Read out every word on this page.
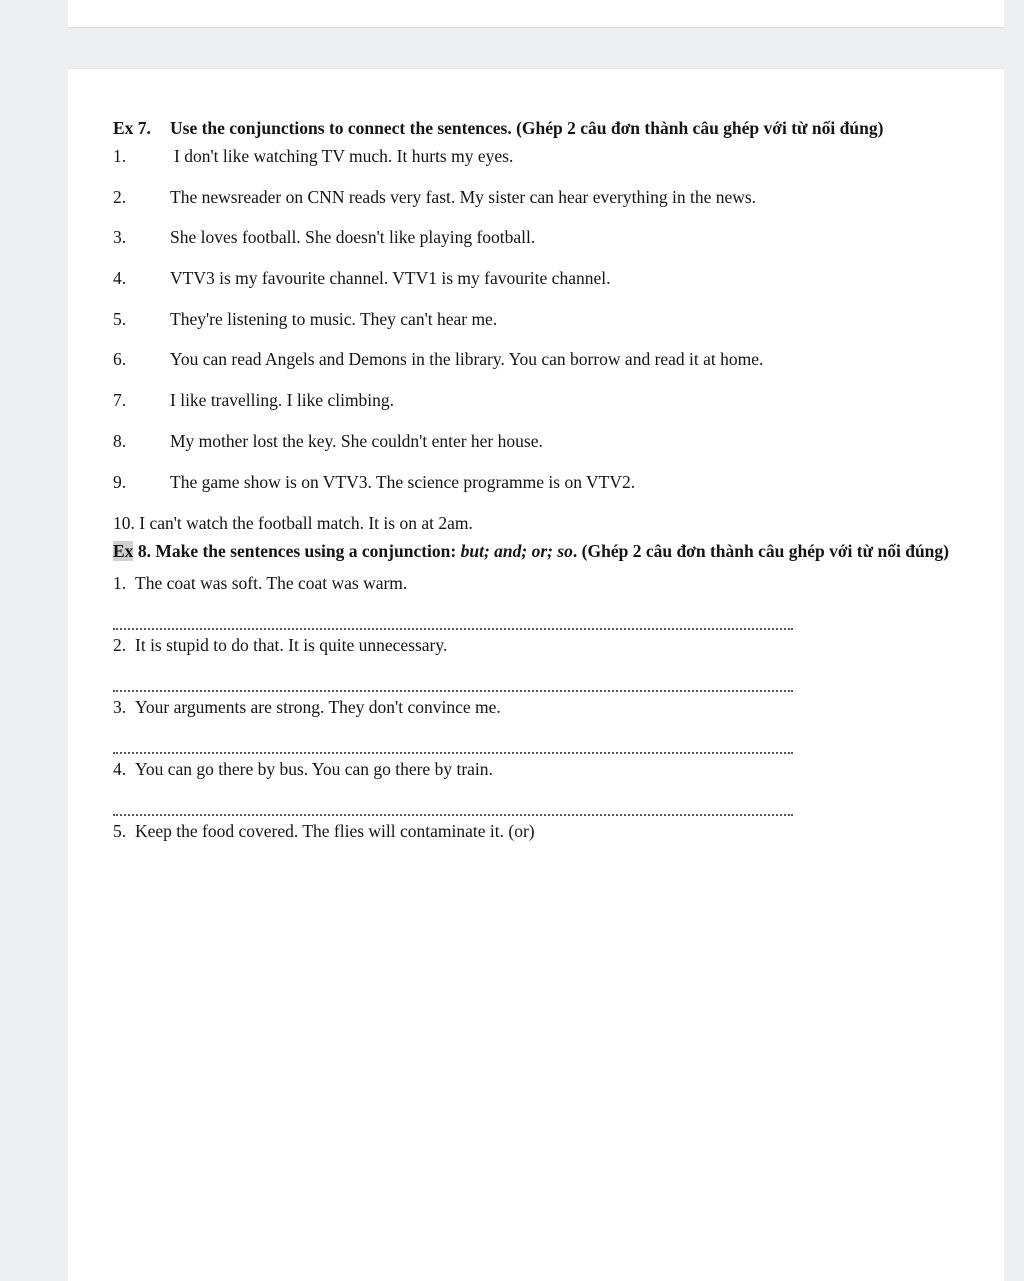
Ex 7.	Use the conjunctions to connect the sentences. (Ghép 2 câu đơn thành câu ghép với từ nối đúng)
1.	I don't like watching TV much. It hurts my eyes.
2.	The newsreader on CNN reads very fast. My sister can hear everything in the news.
3.	She loves football. She doesn't like playing football.
4.	VTV3 is my favourite channel. VTV1 is my favourite channel.
5.	They're listening to music. They can't hear me.
6.	You can read Angels and Demons in the library. You can borrow and read it at home.
7.	I like travelling. I like climbing.
8.	My mother lost the key. She couldn't enter her house.
9.	The game show is on VTV3. The science programme is on VTV2.
10. I can't watch the football match. It is on at 2am.
Ex 8. Make the sentences using a conjunction: but; and; or; so. (Ghép 2 câu đơn thành câu ghép với từ nối đúng)
1. The coat was soft. The coat was warm.
2. It is stupid to do that. It is quite unnecessary.
3. Your arguments are strong. They don't convince me.
4. You can go there by bus. You can go there by train.
5. Keep the food covered. The flies will contaminate it. (or)
